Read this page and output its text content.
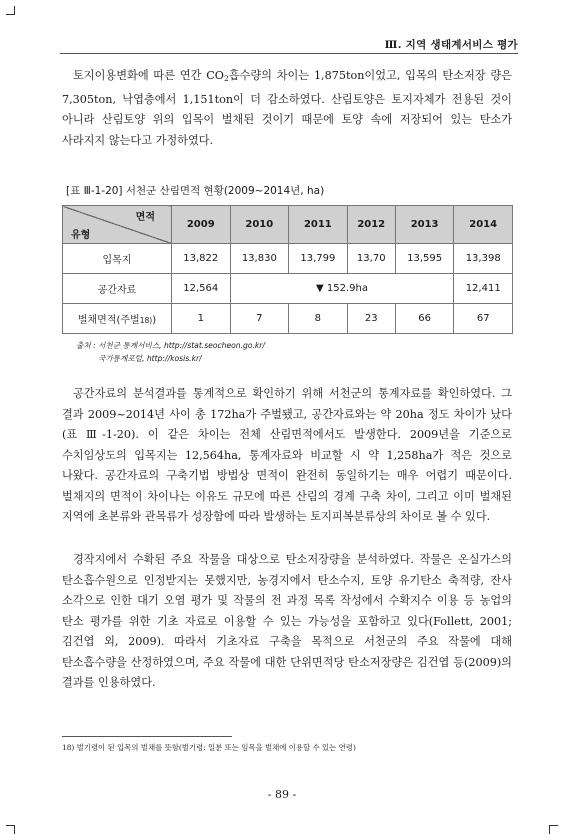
Ⅲ. 지역 생태계서비스 평가

토지이용변화에 따른 연간 $CO_2$흡수량의 차이는 1,875ton이었고, 입목의 탄소저장 량은 7,305ton, 낙엽층에서 1,151ton이 더 감소하였다. 산림토양은 토지자체가 전용된 것이 아니라 산림토양 위의 입목이 벌채된 것이기 때문에 토양 속에 저장되어 있는 탄소가 사라지지 않는다고 가정하였다.

[표 Ⅲ-1-20] 서천군 산림면적 현황(2009~2014년, ha)
면적
유형	2009	2010	2011	2012	2013	2014
입목지	13,822	13,830	13,799	13,70	13,595	13,398
공간자료	12,564	▼ 152.9ha				12,411
벌채면적(주벌18))	1	7	8	23	66	67
출처 : 서천군 통계서비스, http://stat.seocheon.go.kr/
국가통계포털, http://kosis.kr/

공간자료의 분석결과를 통계적으로 확인하기 위해 서천군의 통계자료를 확인하였다. 그 결과 2009~2014년 사이 총 172ha가 주벌됐고, 공간자료와는 약 20ha 정도 차이가 났다(표 Ⅲ-1-20). 이 같은 차이는 전체 산림면적에서도 발생한다. 2009년을 기준으로 수치임상도의 입목지는 12,564ha, 통계자료와 비교할 시 약 1,258ha가 적은 것으로 나왔다. 공간자료의 구축기법 방법상 면적이 완전히 동일하기는 매우 어렵기 때문이다. 벌채지의 면적이 차이나는 이유도 규모에 따른 산림의 경계 구축 차이, 그리고 이미 벌채된 지역에 초본류와 관목류가 성장함에 따라 발생하는 토지피복분류상의 차이로 볼 수 있다.

경작지에서 수확된 주요 작물을 대상으로 탄소저장량을 분석하였다. 작물은 온실가스의 탄소흡수원으로 인정받지는 못했지만, 농경지에서 탄소수지, 토양 유기탄소 축적량, 잔사 소각으로 인한 대기 오염 평가 및 작물의 전 과정 목록 작성에서 수확지수 이용 등 농업의 탄소 평가를 위한 기초 자료로 이용할 수 있는 가능성을 포함하고 있다(Follett, 2001; 김건엽 외, 2009). 따라서 기초자료 구축을 목적으로 서천군의 주요 작물에 대해 탄소흡수량을 산정하였으며, 주요 작물에 대한 단위면적당 탄소저장량은 김건엽 등(2009)의 결과를 인용하였다.

18) 벌기령이 된 입목의 벌채를 뜻함(벌기령: 일분 또는 임목을 벌채에 이용할 수 있는 연령)
- 89 -
